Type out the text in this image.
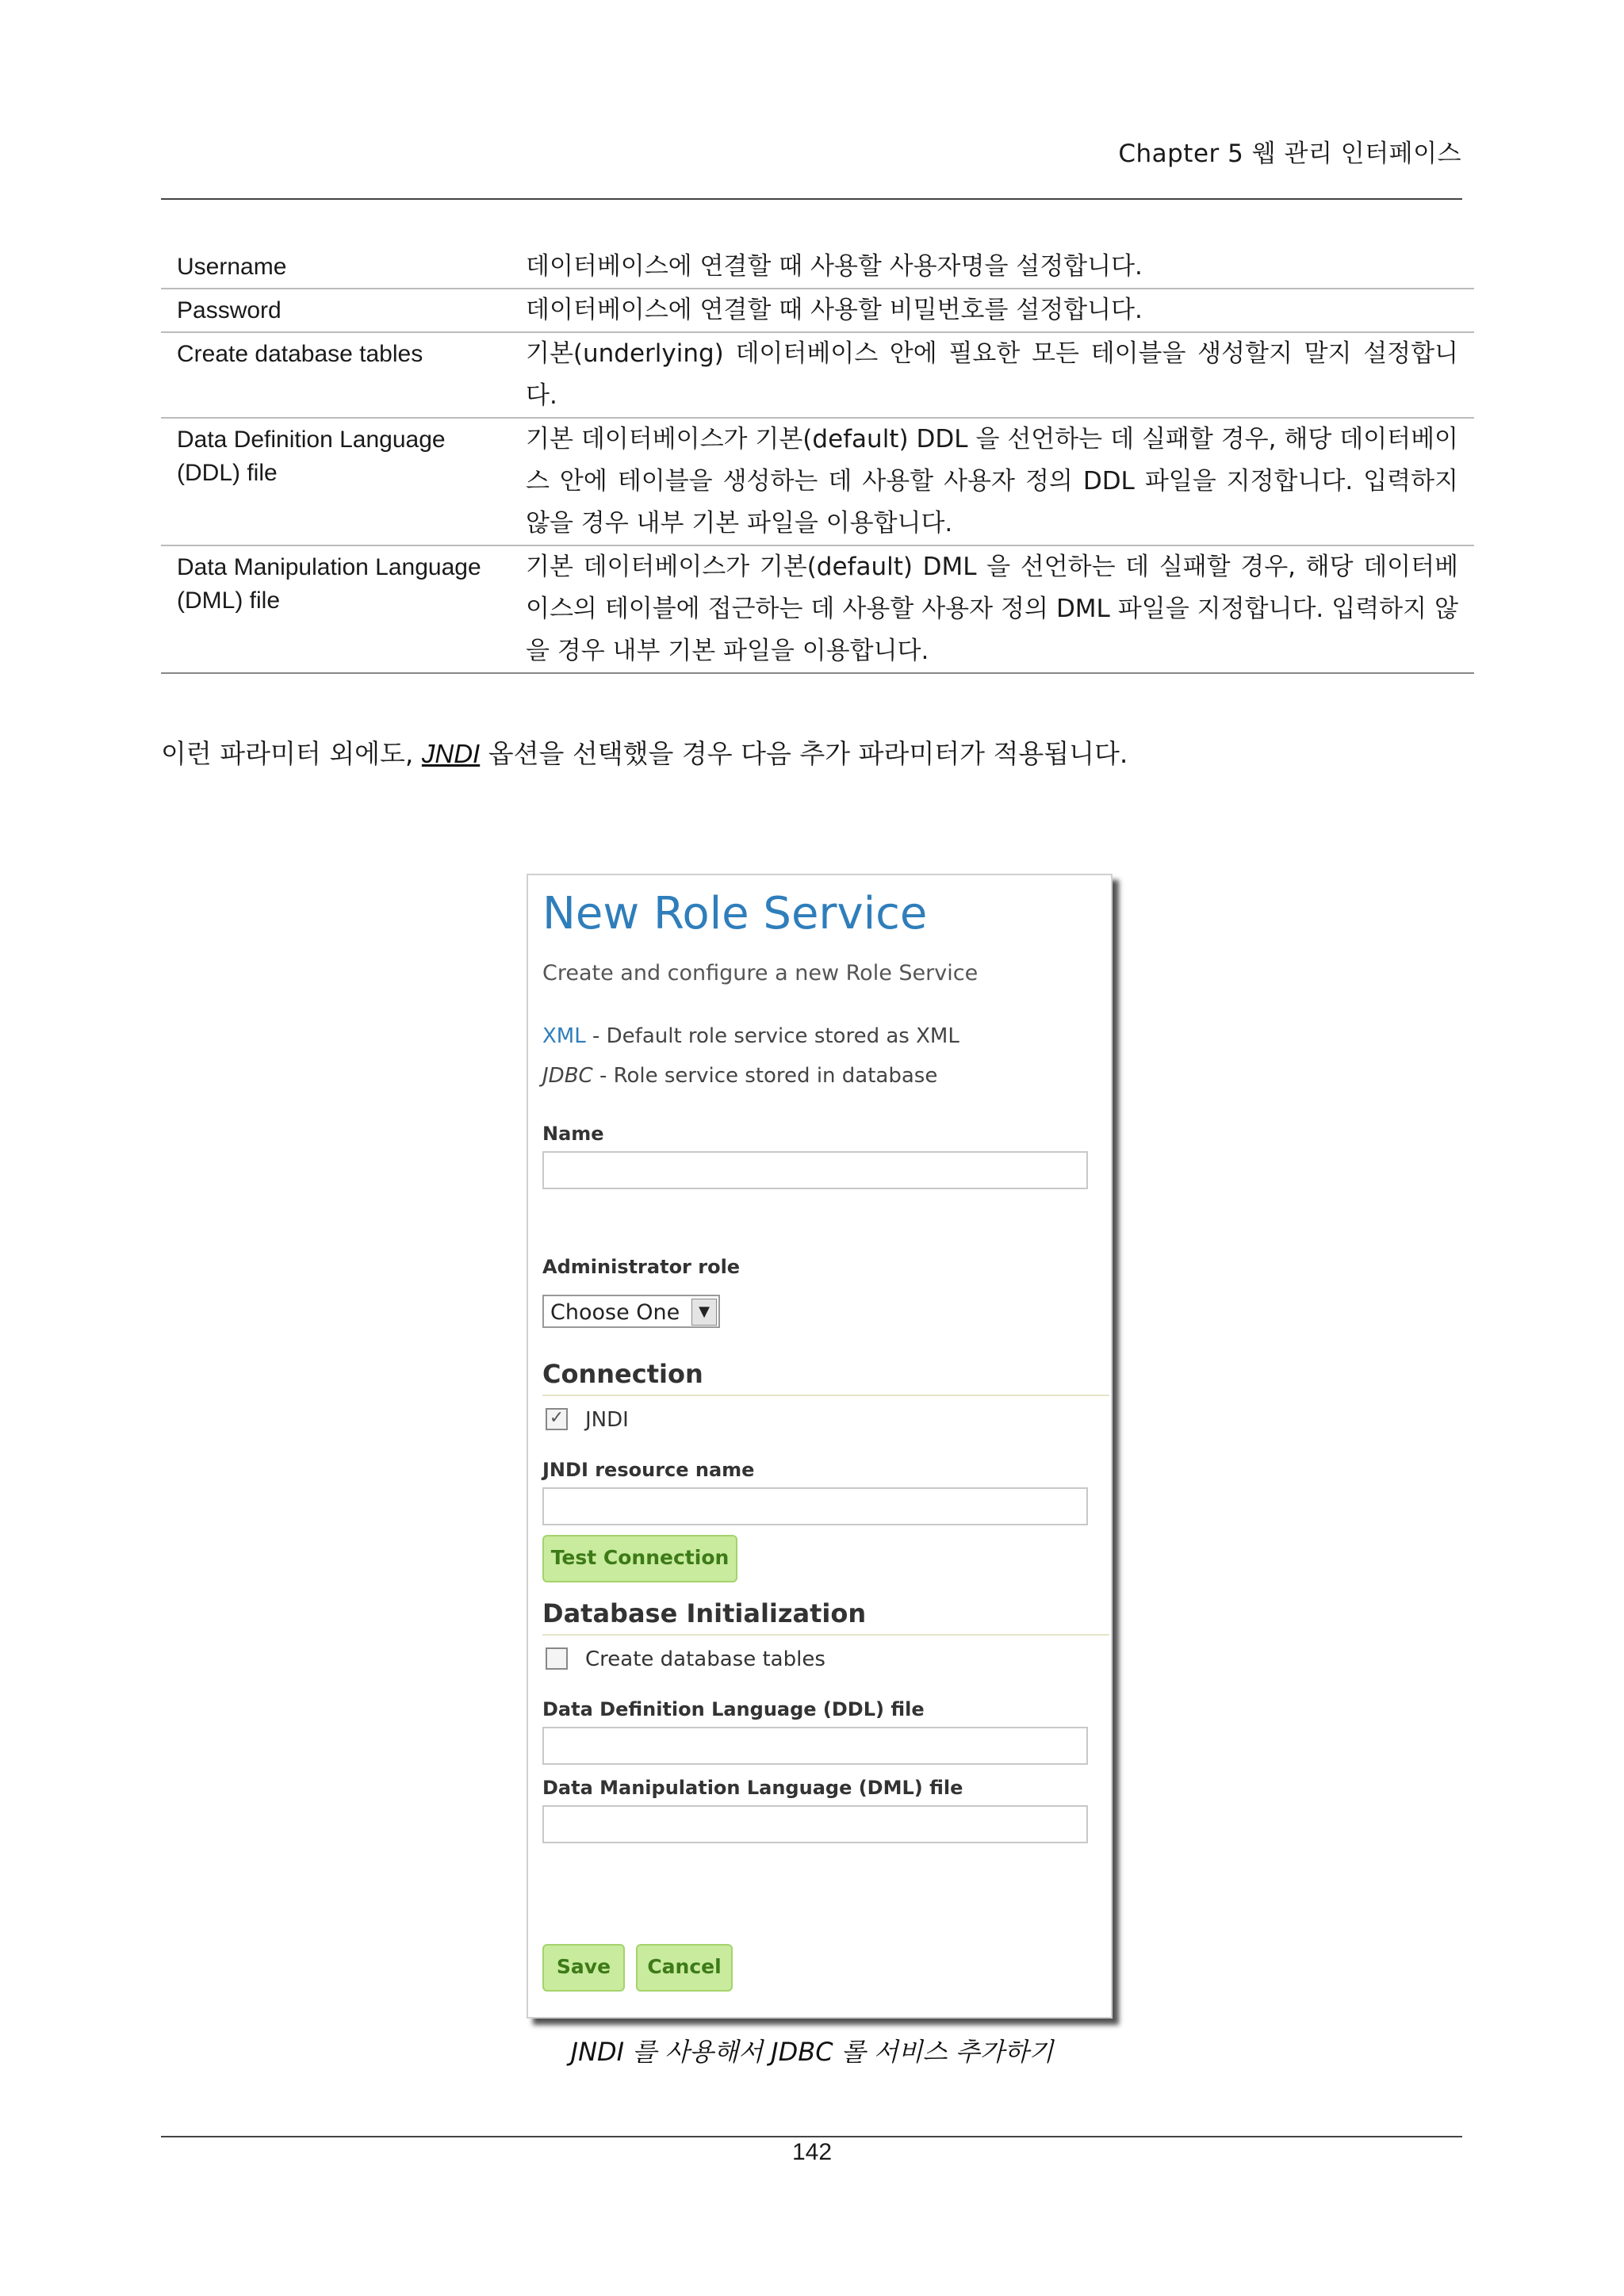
Chapter 5 웹 관리 인터페이스
Username	데이터베이스에 연결할 때 사용할 사용자명을 설정합니다.
Password	데이터베이스에 연결할 때 사용할 비밀번호를 설정합니다.
Create database tables	기본(underlying) 데이터베이스 안에 필요한 모든 테이블을 생성할지 말지 설정합니다.
Data Definition Language (DDL) file	기본 데이터베이스가 기본(default) DDL 을 선언하는 데 실패할 경우, 해당 데이터베이스 안에 테이블을 생성하는 데 사용할 사용자 정의 DDL 파일을 지정합니다. 입력하지 않을 경우 내부 기본 파일을 이용합니다.
Data Manipulation Language (DML) file	기본 데이터베이스가 기본(default) DML 을 선언하는 데 실패할 경우, 해당 데이터베이스의 테이블에 접근하는 데 사용할 사용자 정의 DML 파일을 지정합니다. 입력하지 않을 경우 내부 기본 파일을 이용합니다.
이런 파라미터 외에도, JNDI 옵션을 선택했을 경우 다음 추가 파라미터가 적용됩니다.
New Role Service
Create and configure a new Role Service
XML - Default role service stored as XML
JDBC - Role service stored in database
Name
Administrator role
Choose One	▼
Connection
✓ JNDI
JNDI resource name
Test Connection
Database Initialization
Create database tables
Data Definition Language (DDL) file
Data Manipulation Language (DML) file
Save	Cancel
JNDI 를 사용해서 JDBC 롤 서비스 추가하기
142
